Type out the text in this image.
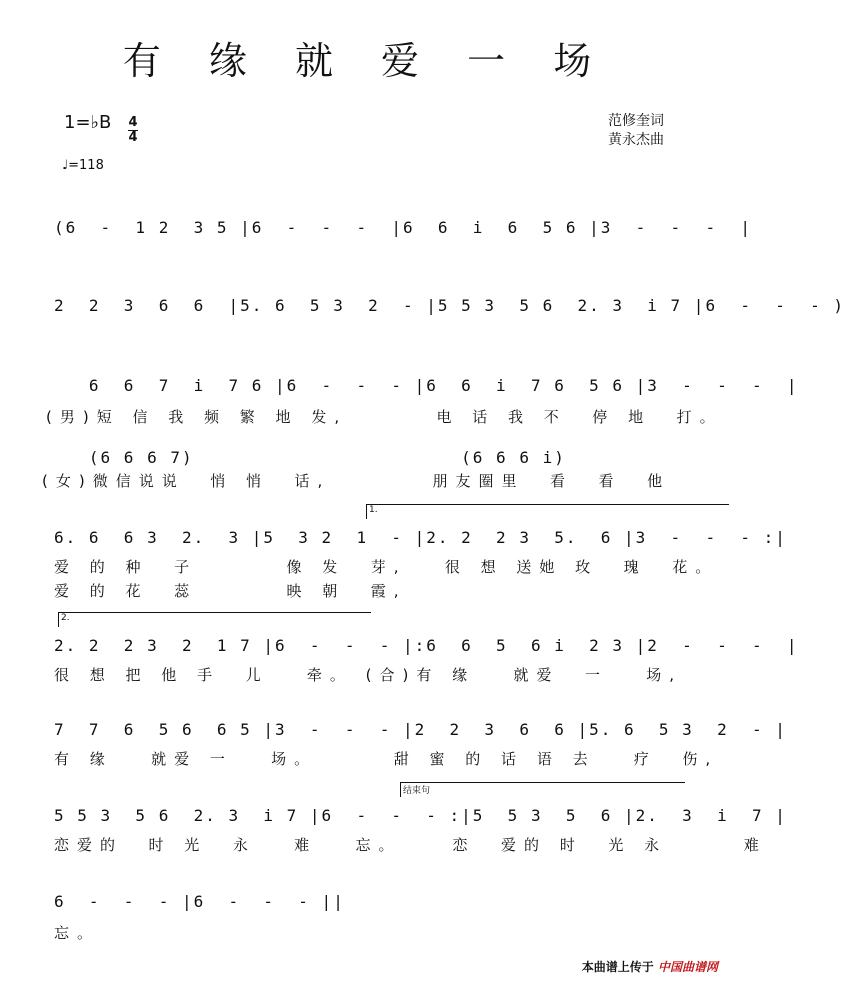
有 缘 就 爱 一 场
1=♭B 4
4
♩=118
范修奎词
黄永杰曲
(6  -  1 2  3 5 |6  -  -  -  |6  6  i  6  5 6 |3  -  -  -  |
2  2  3  6  6  |5. 6  5 3  2  - |5 5 3  5 6  2. 3  i 7 |6  -  -  - )
6  6  7  i  7 6 |6  -  -  - |6  6  i  7 6  5 6 |3  -  -  -  |
(男)短 信 我 频 繁 地 发,       电 话 我 不  停 地  打。
(6 6 6 7)                       (6 6 6 i)
(女)微信说说  悄 悄  话,        朋友圈里  看  看  他
1.
6. 6  6 3  2.  3 |5  3 2  1  - |2. 2  2 3  5.  6 |3  -  -  - :|
爱 的 种  子       像 发  芽,   很 想 送她 玫  瑰  花。
爱 的 花  蕊       映 朝  霞,
2.
2. 2  2 3  2  1 7 |6  -  -  - |:6  6  5  6 i  2 3 |2  -  -  -  |
很 想 把 他 手  儿   牵。 (合)有 缘   就爱  一   场,
7  7  6  5 6  6 5 |3  -  -  - |2  2  3  6  6 |5. 6  5 3  2  - |
有 缘   就爱 一   场。      甜 蜜 的 话 语 去   疗  伤,
结束句
5 5 3  5 6  2. 3  i 7 |6  -  -  - :|5  5 3  5  6 |2.  3  i  7 |
恋爱的  时 光  永   难   忘。    恋  爱的 时  光 永      难
6  -  -  - |6  -  -  - ||
忘。
本曲谱上传于 中国曲谱网
